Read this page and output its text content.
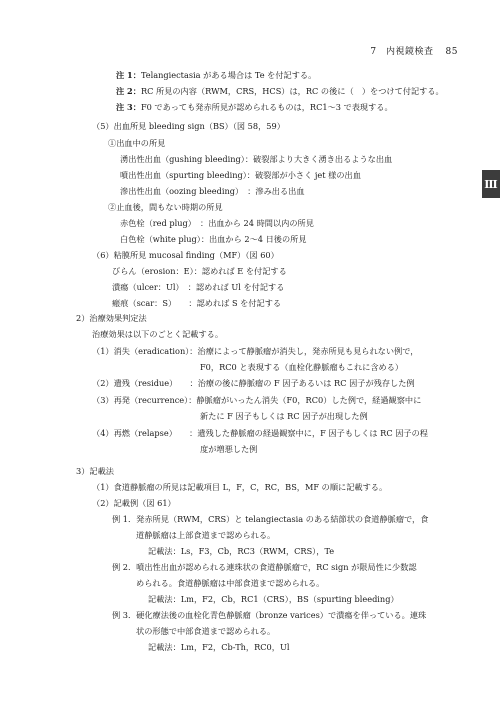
7　内視鏡検査 85
Ⅲ
注 1：Telangiectasia がある場合は Te を付記する。
注 2：RC 所見の内容（RWM，CRS，HCS）は，RC の後に（　）をつけて付記する。
注 3：F0 であっても発赤所見が認められるものは，RC1～3 で表現する。
（5）出血所見 bleeding sign（BS）（図 58，59）
①出血中の所見
湧出性出血（gushing bleeding）：破裂部より大きく湧き出るような出血
噴出性出血（spurting bleeding）：破裂部が小さく jet 様の出血
滲出性出血（oozing bleeding）　：滲み出る出血
②止血後，間もない時期の所見
赤色栓（red plug）　：出血から 24 時間以内の所見
白色栓（white plug）：出血から 2～4 日後の所見
（6）粘膜所見 mucosal finding（MF）（図 60）
びらん（erosion：E）：認めれば E を付記する
潰瘍（ulcer：Ul）　：認めれば Ul を付記する
瘢痕（scar：S）　　：認めれば S を付記する
2）治療効果判定法
治療効果は以下のごとく記載する。
（1）消失（eradication）：治療によって静脈瘤が消失し，発赤所見も見られない例で，
F0，RC0 と表現する（血栓化静脈瘤もこれに含める）
（2）遺残（residue）　　：治療の後に静脈瘤の F 因子あるいは RC 因子が残存した例
（3）再発（recurrence）：静脈瘤がいったん消失（F0，RC0）した例で，経過観察中に
新たに F 因子もしくは RC 因子が出現した例
（4）再燃（relapse）　　：遺残した静脈瘤の経過観察中に，F 因子もしくは RC 因子の程
度が増悪した例
3）記載法
（1）食道静脈瘤の所見は記載項目 L，F，C，RC，BS，MF の順に記載する。
（2）記載例（図 61）
例 1．発赤所見（RWM，CRS）と telangiectasia のある結節状の食道静脈瘤で，食
道静脈瘤は上部食道まで認められる。
記載法：Ls，F3，Cb，RC3（RWM，CRS），Te
例 2．噴出性出血が認められる連珠状の食道静脈瘤で，RC sign が限局性に少数認
められる。食道静脈瘤は中部食道まで認められる。
記載法：Lm，F2，Cb，RC1（CRS），BS（spurting bleeding）
例 3．硬化療法後の血栓化青色静脈瘤（bronze varices）で潰瘍を伴っている。連珠
状の形態で中部食道まで認められる。
記載法：Lm，F2，Cb-Th，RC0，Ul
